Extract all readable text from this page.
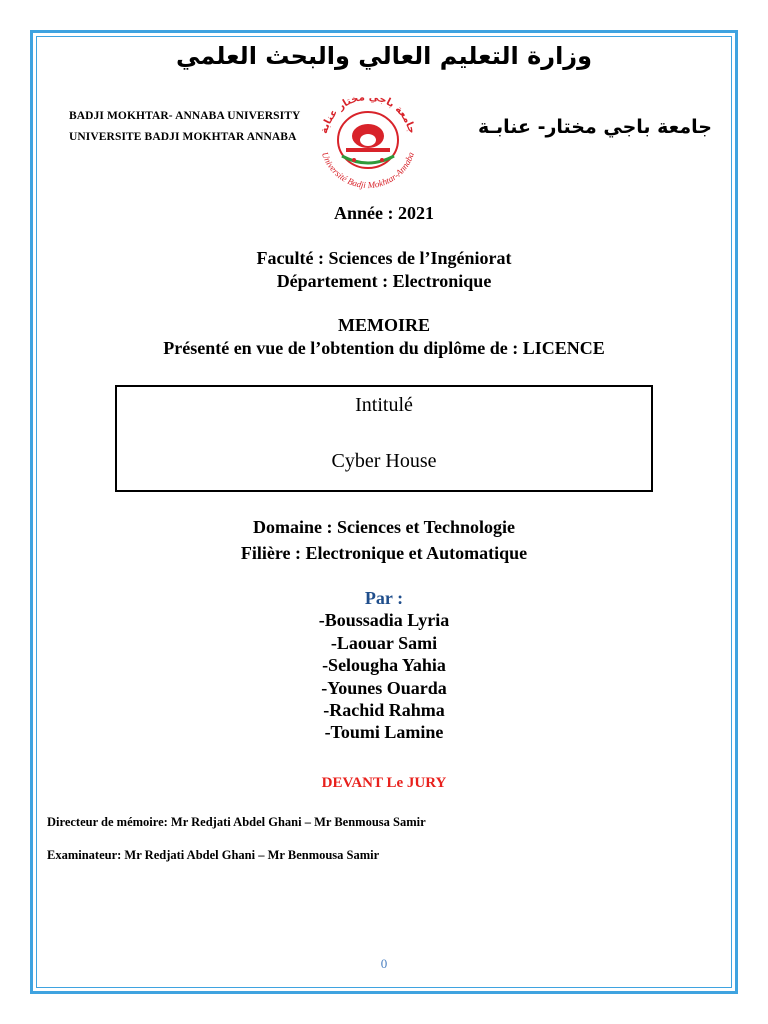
وزارة التعليم العالي والبحث العلمي
BADJI MOKHTAR- ANNABA UNIVERSITY
UNIVERSITE BADJI MOKHTAR ANNABA
جامعة باجي مختار عنابة
Université Badji Mokhtar-Annaba
جامعة باجي مختار- عنابـة
Année : 2021
Faculté : Sciences de l’Ingéniorat
Département : Electronique
MEMOIRE
Présenté en vue de l’obtention du diplôme de : LICENCE
Intitulé
Cyber House
Domaine : Sciences et Technologie
Filière : Electronique et Automatique
Par :
-Boussadia Lyria
-Laouar Sami
-Selougha Yahia
-Younes Ouarda
-Rachid Rahma
-Toumi Lamine
DEVANT Le JURY
Directeur de mémoire: Mr Redjati Abdel Ghani – Mr Benmousa Samir
Examinateur: Mr Redjati Abdel Ghani – Mr Benmousa Samir
0
